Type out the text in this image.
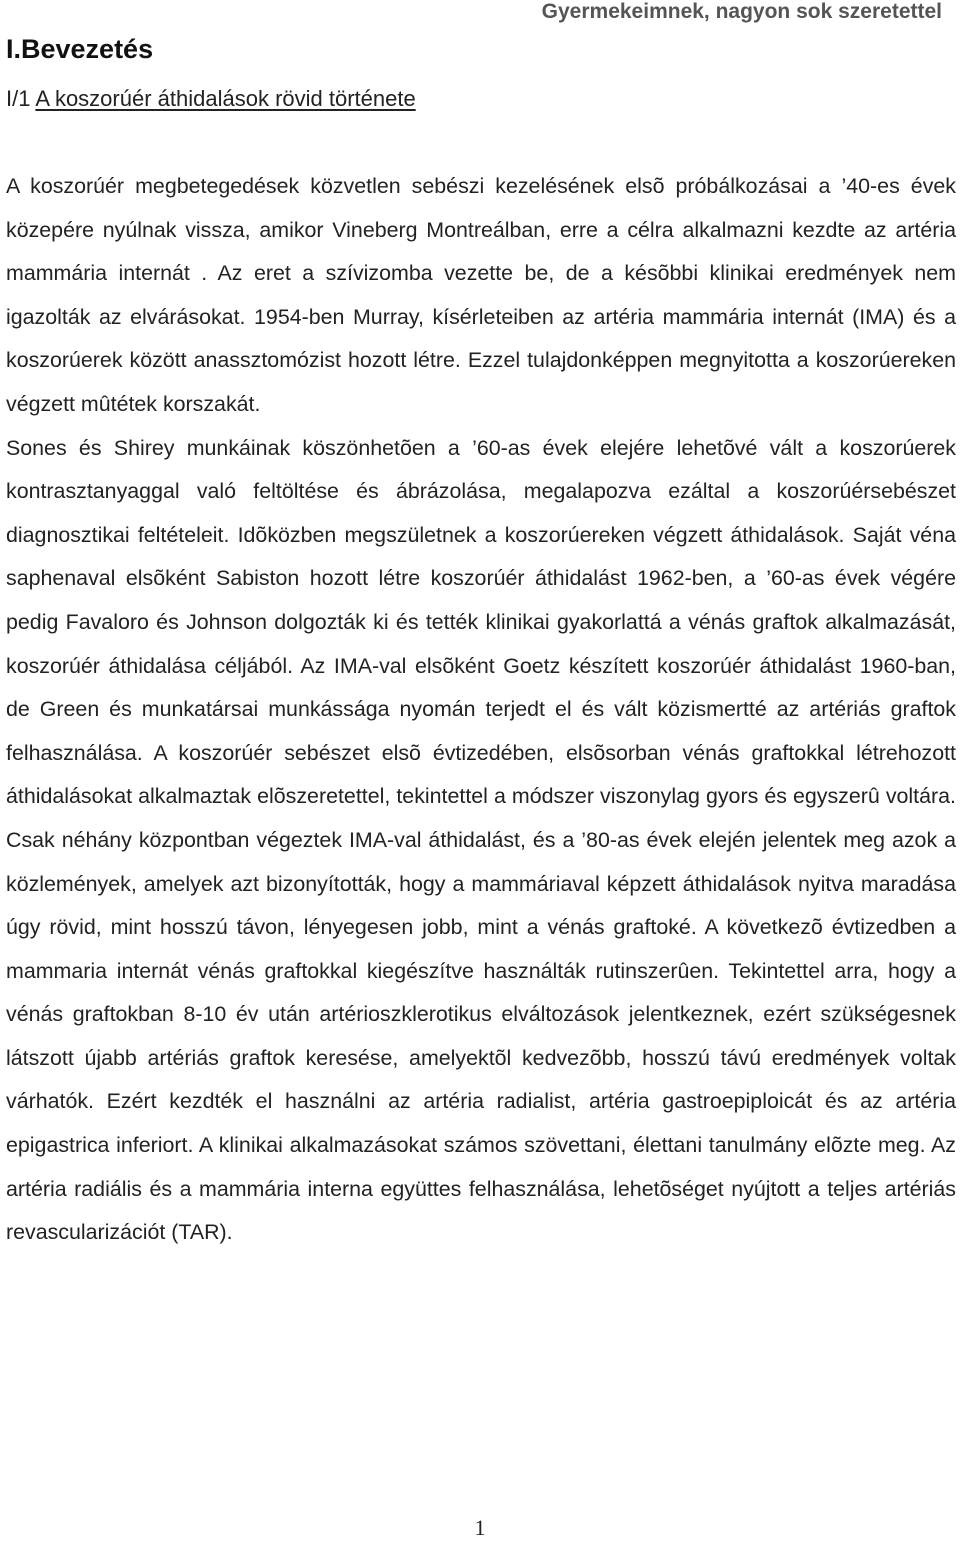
Gyermekeimnek, nagyon sok szeretettel
I.Bevezetés
I/1 A koszorúér áthidalások rövid története

A koszorúér megbetegedések közvetlen sebészi kezelésének elsõ próbálkozásai a ’40-es évek közepére nyúlnak vissza, amikor Vineberg Montreálban, erre a célra alkalmazni kezdte az artéria mammária internát . Az eret a szívizomba vezette be, de a késõbbi klinikai eredmények nem igazolták az elvárásokat. 1954-ben Murray, kísérleteiben az artéria mammária internát (IMA) és a koszorúerek között anassztomózist hozott létre. Ezzel tulajdonképpen megnyitotta a koszorúereken végzett mûtétek korszakát.

Sones és Shirey munkáinak köszönhetõen a ’60-as évek elejére lehetõvé vált a koszorúerek kontrasztanyaggal való feltöltése és ábrázolása, megalapozva ezáltal a koszorúérsebészet diagnosztikai feltételeit. Idõközben megszületnek a koszorúereken végzett áthidalások. Saját véna saphenaval elsõként Sabiston hozott létre koszorúér áthidalást 1962-ben, a ’60-as évek végére pedig Favaloro és Johnson dolgozták ki és tették klinikai gyakorlattá a vénás graftok alkalmazását, koszorúér áthidalása céljából. Az IMA-val elsõként Goetz készített koszorúér áthidalást 1960-ban, de Green és munkatársai munkássága nyomán terjedt el és vált közismertté az artériás graftok felhasználása. A koszorúér sebészet elsõ évtizedében, elsõsorban vénás graftokkal létrehozott áthidalásokat alkalmaztak elõszeretettel, tekintettel a módszer viszonylag gyors és egyszerû voltára. Csak néhány központban végeztek IMA-val áthidalást, és a ’80-as évek elején jelentek meg azok a közlemények, amelyek azt bizonyították, hogy a mammáriaval képzett áthidalások nyitva maradása úgy rövid, mint hosszú távon, lényegesen jobb, mint a vénás graftoké. A következõ évtizedben a mammaria internát vénás graftokkal kiegészítve használták rutinszerûen. Tekintettel arra, hogy a vénás graftokban 8-10 év után artérioszklerotikus elváltozások jelentkeznek, ezért szükségesnek látszott újabb artériás graftok keresése, amelyektõl kedvezõbb, hosszú távú eredmények voltak várhatók. Ezért kezdték el használni az artéria radialist, artéria gastroepiploicát és az artéria epigastrica inferiort. A klinikai alkalmazásokat számos szövettani, élettani tanulmány elõzte meg. Az artéria radiális és a mammária interna együttes felhasználása, lehetõséget nyújtott a teljes artériás revascularizációt (TAR).

1
